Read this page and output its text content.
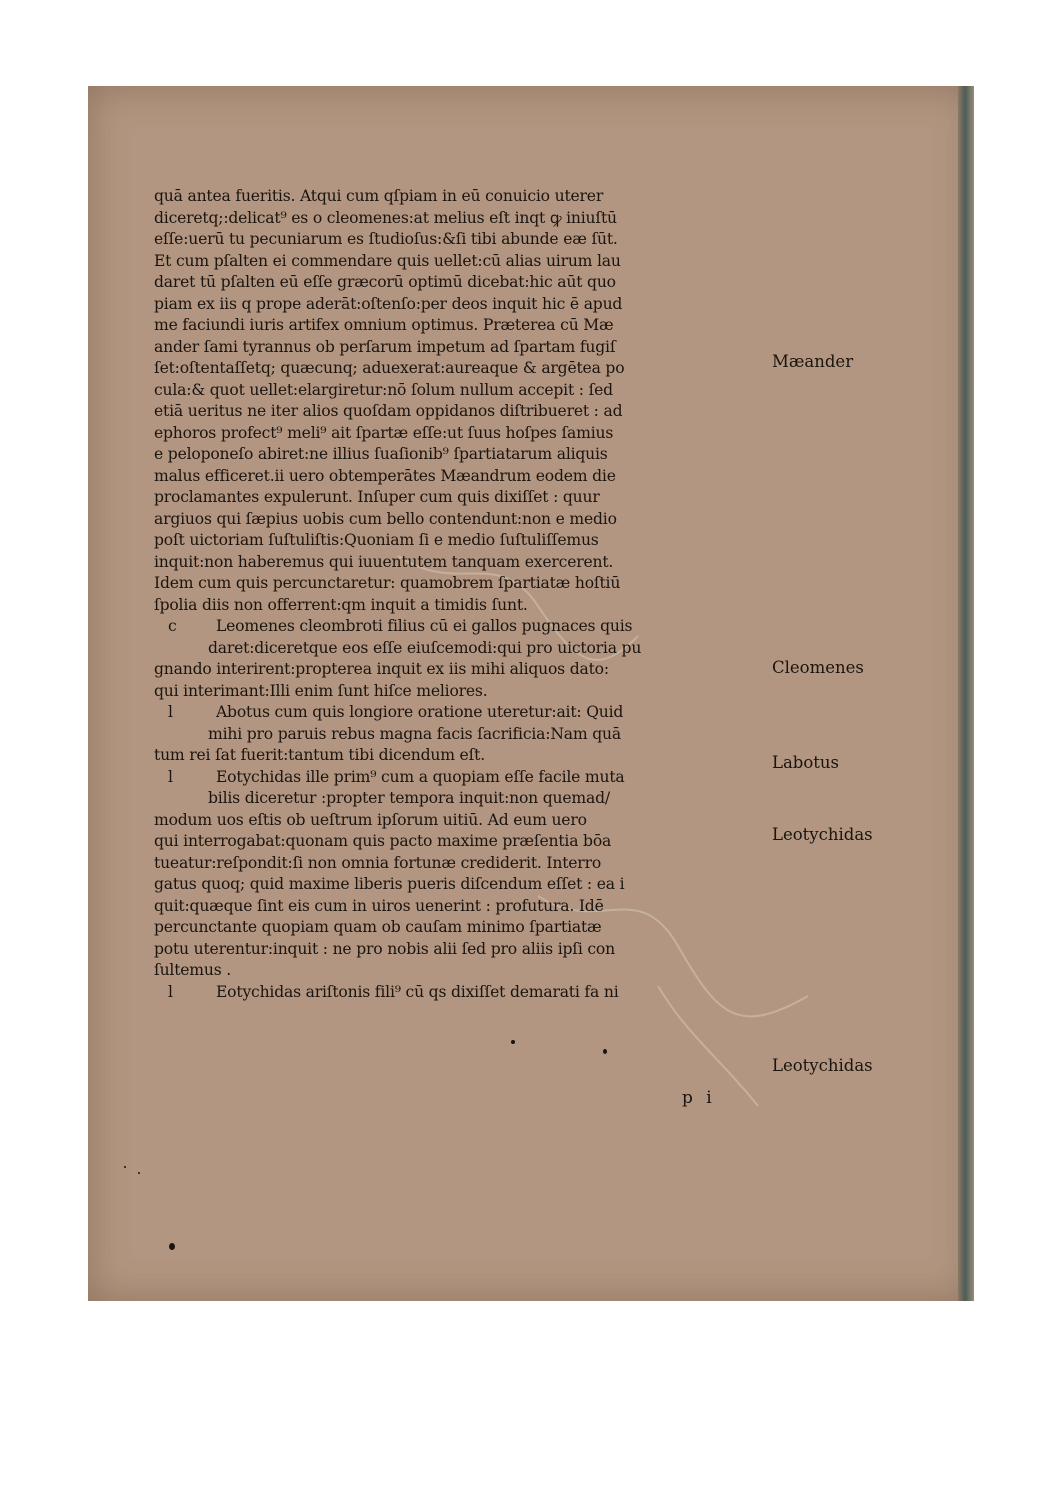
quā antea fueritis. Atqui cum qſpiam in eū conuicio uterer
diceretq;:delicat⁹ es o cleomenes:at melius eſt inqt ꝙ iniuſtū
eſſe:uerū tu pecuniarum es ſtudioſus:&ſi tibi abunde eæ ſūt.
Et cum pſalten ei commendare quis uellet:cū alias uirum lau
daret tū pſalten eū eſſe græcorū optimū dicebat:hic aūt quo
piam ex iis q prope aderāt:oſtenſo:per deos inquit hic ē apud
me faciundi iuris artifex omnium optimus. Præterea cū Mæ
ander ſami tyrannus ob perſarum impetum ad ſpartam fugiſ
ſet:oſtentaſſetq; quæcunq; aduexerat:aureaque & argētea po
cula:& quot uellet:elargiretur:nō ſolum nullum accepit : ſed
etiā ueritus ne iter alios quoſdam oppidanos diſtribueret : ad
ephoros profect⁹ meli⁹ ait ſpartæ eſſe:ut ſuus hoſpes ſamius
e peloponeſo abiret:ne illius ſuaſionib⁹ ſpartiatarum aliquis
malus efficeret.ii uero obtemperātes Mæandrum eodem die
proclamantes expulerunt. Inſuper cum quis dixiſſet : quur
argiuos qui ſæpius uobis cum bello contendunt:non e medio
poſt uictoriam ſuſtuliſtis:Quoniam ſi e medio ſuſtuliſſemus
inquit:non haberemus qui iuuentutem tanquam exercerent.
Idem cum quis percunctaretur: quamobrem ſpartiatæ hoſtiū
ſpolia diis non offerrent:qm inquit a timidis ſunt.
c	Leomenes cleombroti filius cū ei gallos pugnaces quis
daret:diceretque eos eſſe eiuſcemodi:qui pro uictoria pu
gnando interirent:propterea inquit ex iis mihi aliquos dato:
qui interimant:Illi enim ſunt hiſce meliores.
l	Abotus cum quis longiore oratione uteretur:ait: Quid
mihi pro paruis rebus magna facis ſacrificia:Nam quā
tum rei ſat fuerit:tantum tibi dicendum eſt.
l	Eotychidas ille prim⁹ cum a quopiam eſſe facile muta
bilis diceretur :propter tempora inquit:non quemad/
modum uos eſtis ob ueſtrum ipſorum uitiū. Ad eum uero
qui interrogabat:quonam quis pacto maxime præſentia bōa
tueatur:reſpondit:ſi non omnia fortunæ crediderit. Interro
gatus quoq; quid maxime liberis pueris diſcendum eſſet : ea i
quit:quæque ſint eis cum in uiros uenerint : profutura. Idē
percunctante quopiam quam ob cauſam minimo ſpartiatæ
potu uterentur:inquit : ne pro nobis alii ſed pro aliis ipſi con
ſultemus .
l	Eotychidas ariſtonis fili⁹ cū qs dixiſſet demarati fa ni
Mæander
Cleomenes
Labotus
Leotychidas
Leotychidas
p i
